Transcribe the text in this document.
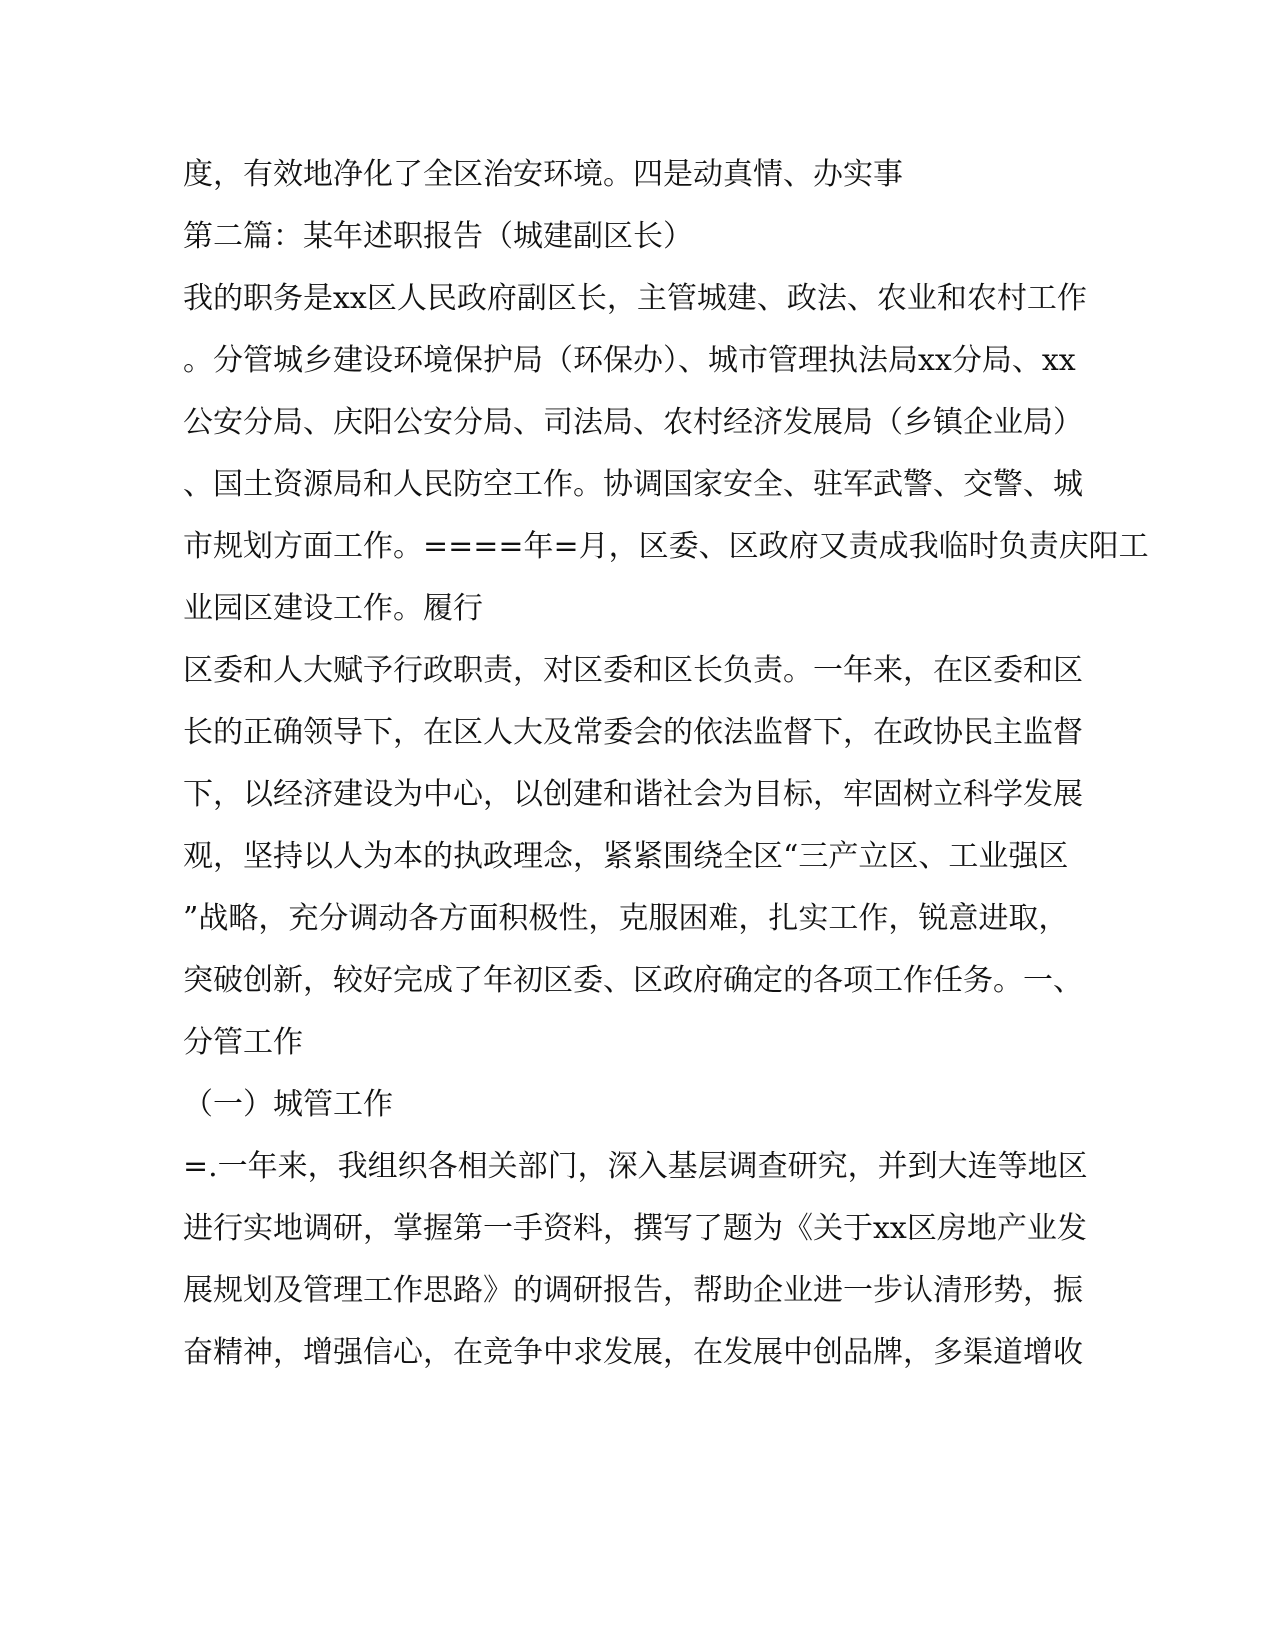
度，有效地净化了全区治安环境。四是动真情、办实事

第二篇：某年述职报告（城建副区长）

我的职务是xx区人民政府副区长，主管城建、政法、农业和农村工作

。分管城乡建设环境保护局（环保办）、城市管理执法局xx分局、xx

公安分局、庆阳公安分局、司法局、农村经济发展局（乡镇企业局）

、国土资源局和人民防空工作。协调国家安全、驻军武警、交警、城

市规划方面工作。====年=月，区委、区政府又责成我临时负责庆阳工

业园区建设工作。履行

区委和人大赋予行政职责，对区委和区长负责。一年来，在区委和区

长的正确领导下，在区人大及常委会的依法监督下，在政协民主监督

下，以经济建设为中心，以创建和谐社会为目标，牢固树立科学发展

观，坚持以人为本的执政理念，紧紧围绕全区“三产立区、工业强区

”战略，充分调动各方面积极性，克服困难，扎实工作，锐意进取，

突破创新，较好完成了年初区委、区政府确定的各项工作任务。一、

分管工作

（一）城管工作

=.一年来，我组织各相关部门，深入基层调查研究，并到大连等地区

进行实地调研，掌握第一手资料，撰写了题为《关于xx区房地产业发

展规划及管理工作思路》的调研报告，帮助企业进一步认清形势，振

奋精神，增强信心，在竞争中求发展，在发展中创品牌，多渠道增收
